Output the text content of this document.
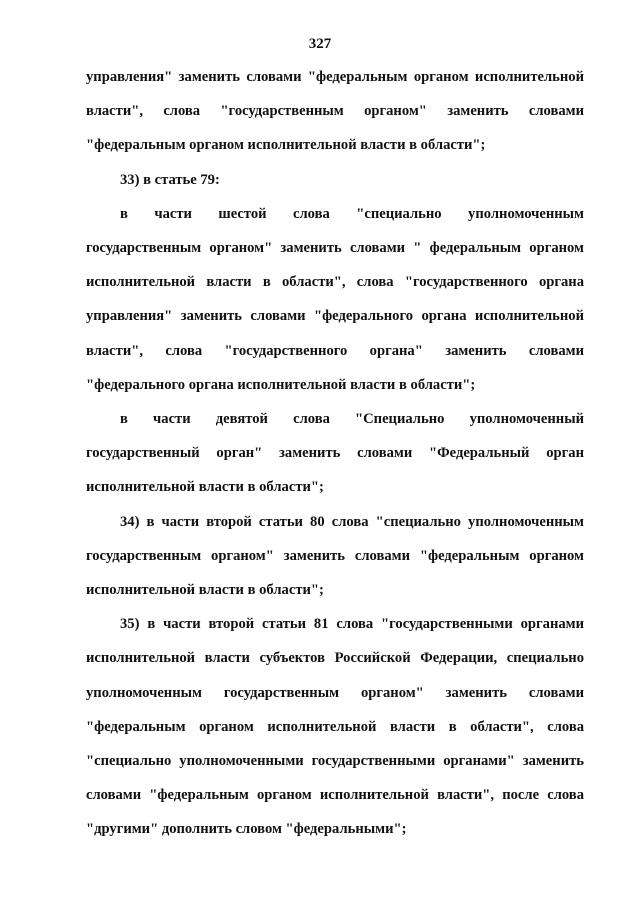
327

управления" заменить словами "федеральным органом исполнительной власти", слова "государственным органом" заменить словами "федеральным органом исполнительной власти в области";

33) в статье 79:

в части шестой слова "специально уполномоченным государственным органом" заменить словами " федеральным органом исполнительной власти в области", слова "государственного органа управления" заменить словами "федерального органа исполнительной власти", слова "государственного органа" заменить словами "федерального органа исполнительной власти в области";

в части девятой слова "Специально уполномоченный государственный орган" заменить словами "Федеральный орган исполнительной власти в области";

34) в части второй статьи 80 слова "специально уполномоченным государственным органом" заменить словами "федеральным органом исполнительной власти в области";

35) в части второй статьи 81 слова "государственными органами исполнительной власти субъектов Российской Федерации, специально уполномоченным государственным органом" заменить словами "федеральным органом исполнительной власти в области", слова "специально уполномоченными государственными органами" заменить словами "федеральным органом исполнительной власти", после слова "другими" дополнить словом "федеральными";
